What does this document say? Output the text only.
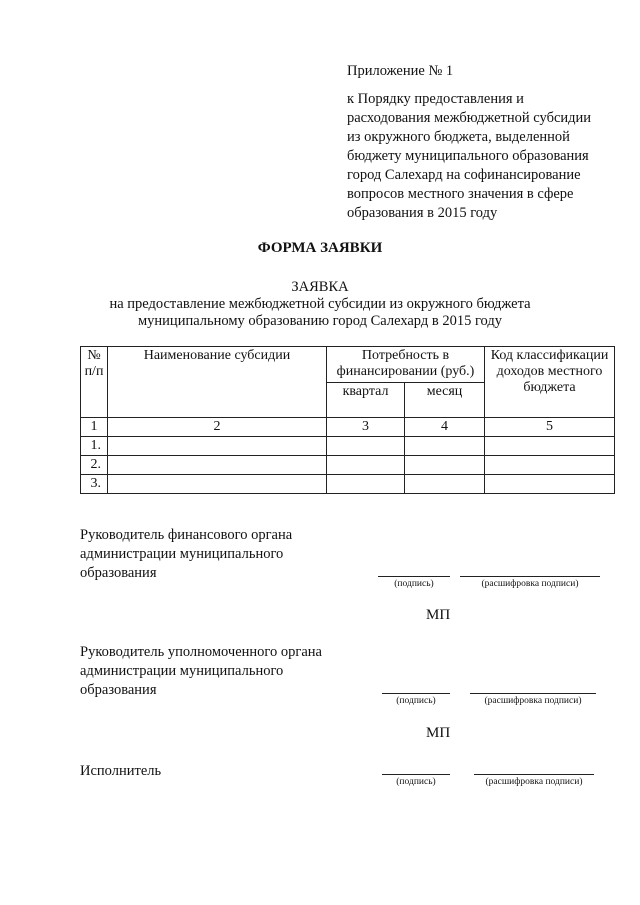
Приложение № 1
к Порядку предоставления и
расходования межбюджетной субсидии
из окружного бюджета, выделенной
бюджету муниципального образования
город Салехард на софинансирование
вопросов местного значения в сфере
образования в 2015 году
ФОРМА ЗАЯВКИ
ЗАЯВКА
на предоставление межбюджетной субсидии из окружного бюджета
муниципальному образованию город Салехард в 2015 году
№
п/п	Наименование субсидии	Потребность в финансировании (руб.)		Код классификации доходов местного бюджета
		квартал	месяц	
1	2	3	4	5
1.				
2.				
3.				
Руководитель финансового органа
администрации муниципального
образования
(подпись)	(расшифровка подписи)
МП
Руководитель уполномоченного органа
администрации муниципального
образования
(подпись)	(расшифровка подписи)
МП
Исполнитель
(подпись)	(расшифровка подписи)
